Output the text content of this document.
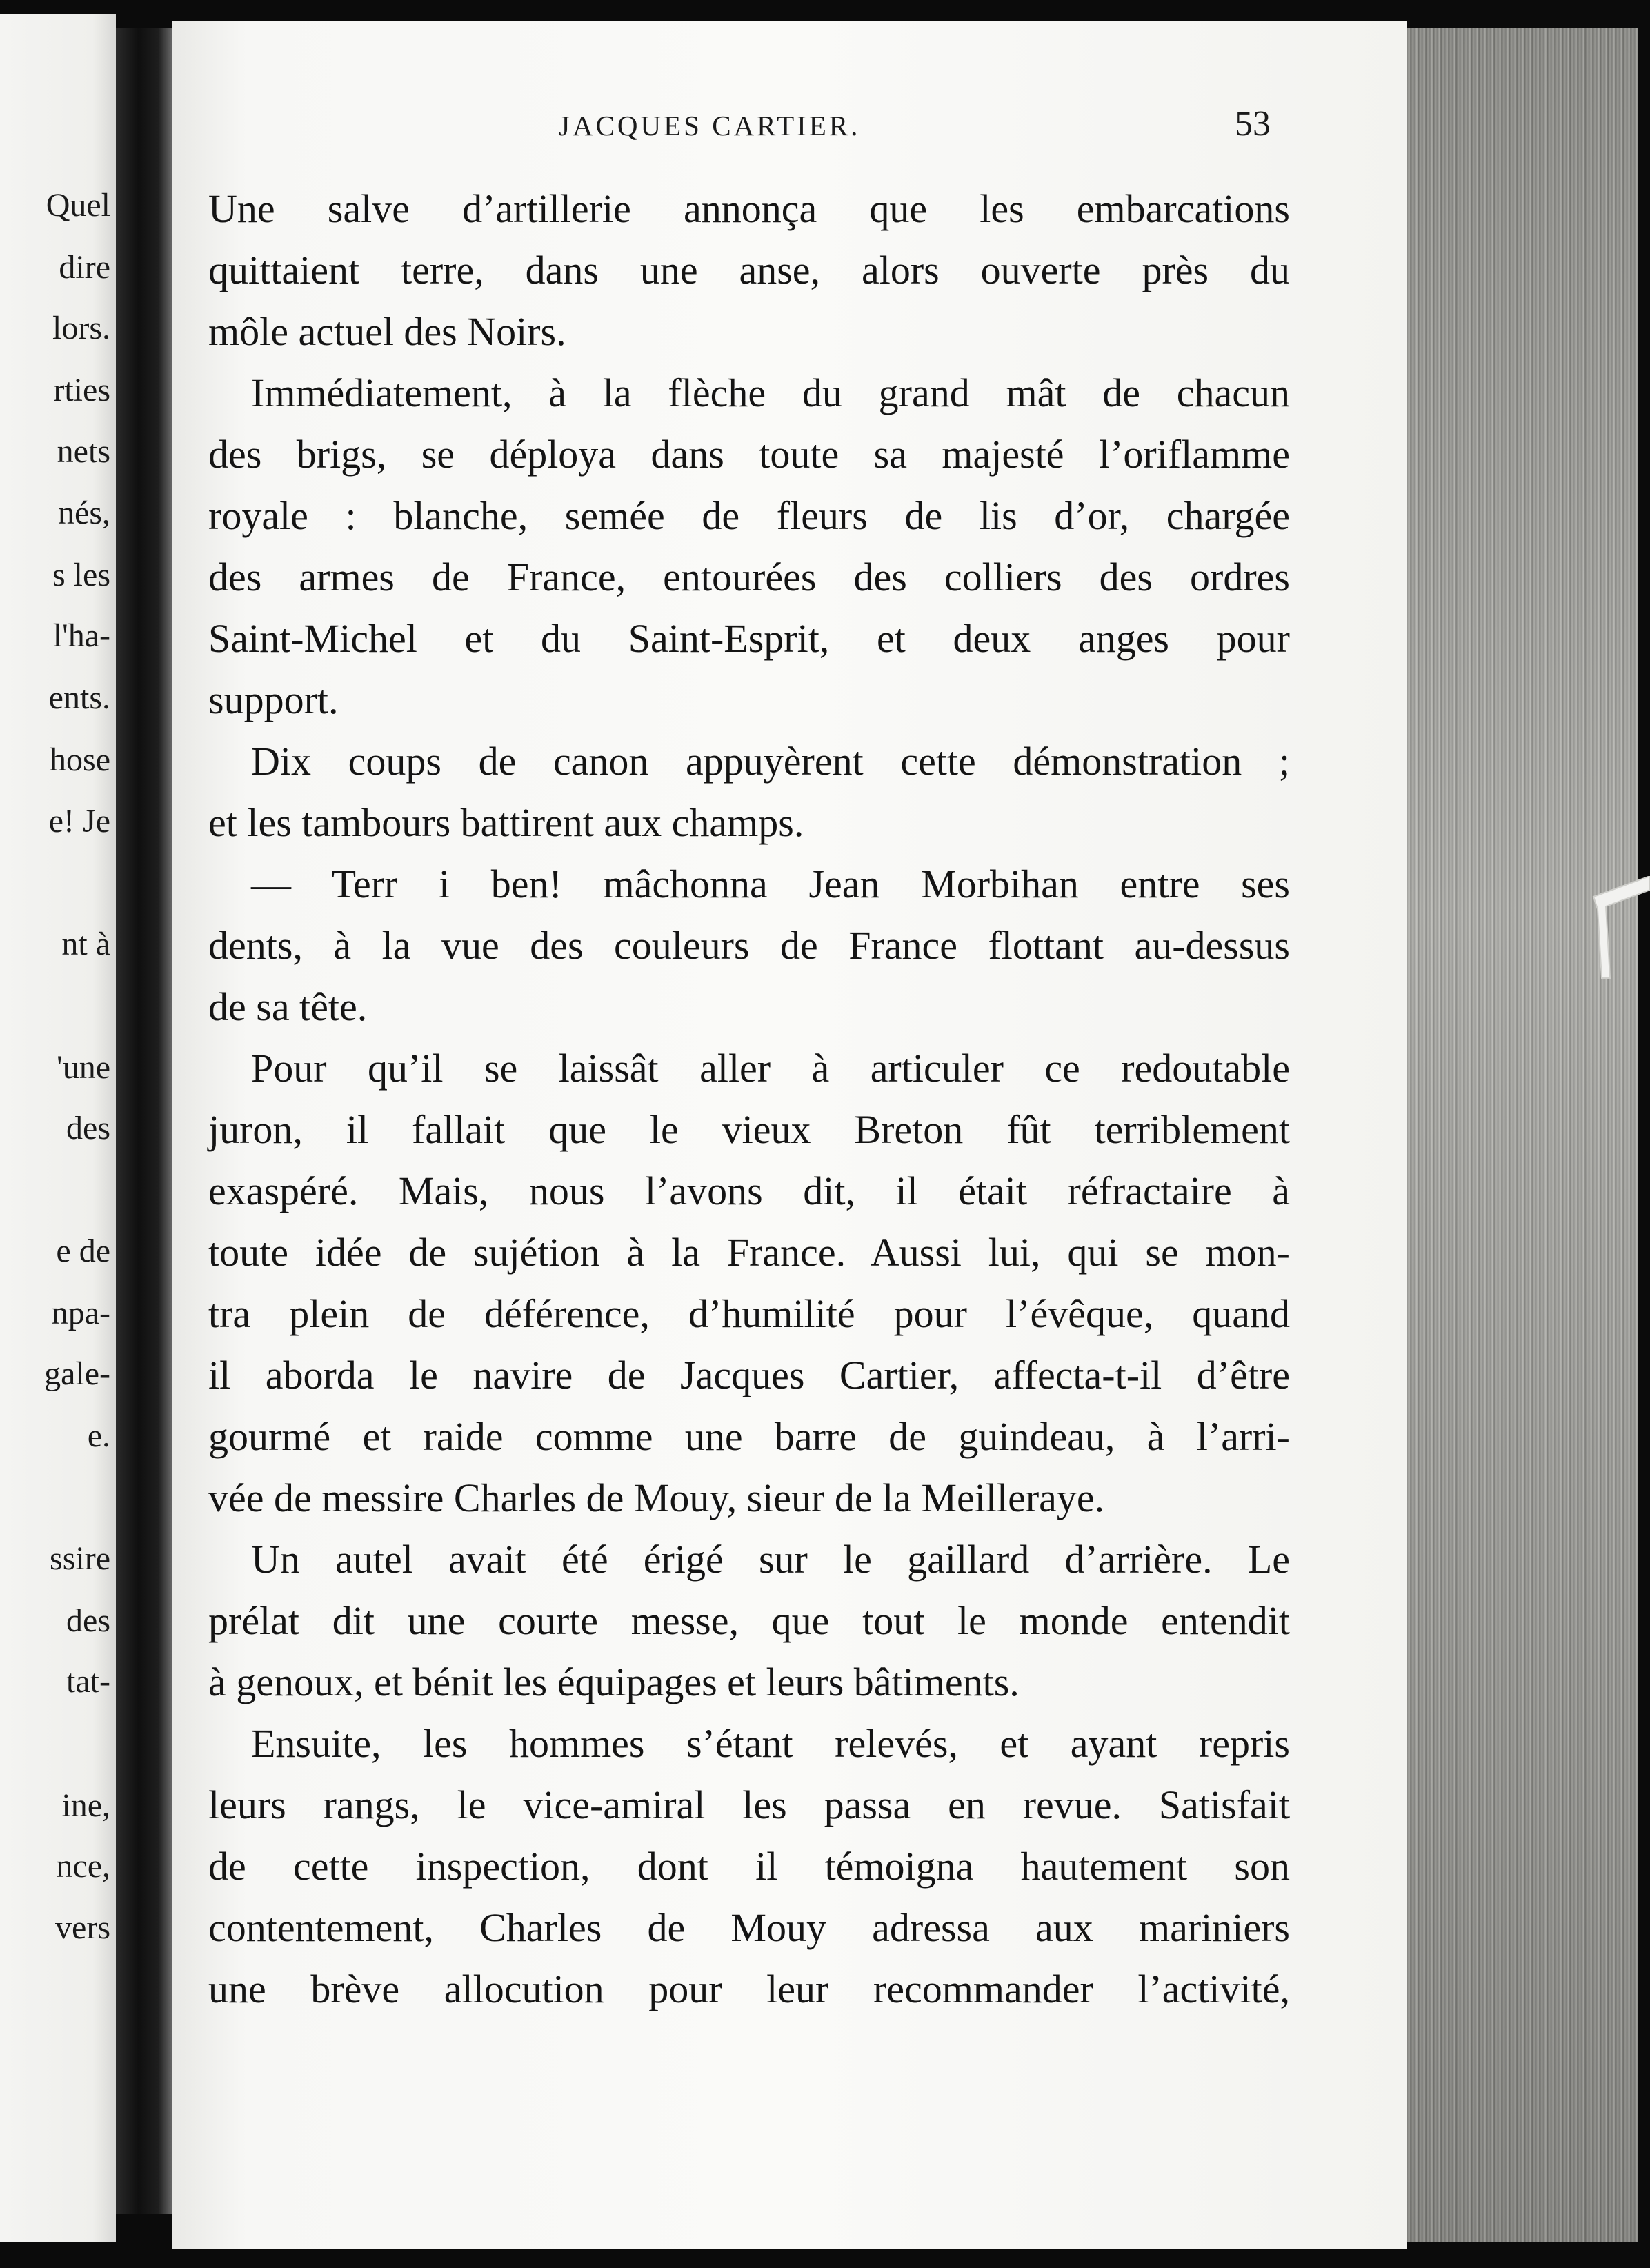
Quel
dire
lors.
rties
nets
nés,
s les
l'ha-
ents.
hose
e! Je
nt à
'une
des
e de
npa-
gale-
e.
ssire
des
tat-
ine,
nce,
vers
JACQUES CARTIER.	53
Une salve d’artillerie annonça que les embarcations
quittaient terre, dans une anse, alors ouverte près du
môle actuel des Noirs.
Immédiatement, à la flèche du grand mât de chacun
des brigs, se déploya dans toute sa majesté l’oriflamme
royale : blanche, semée de fleurs de lis d’or, chargée
des armes de France, entourées des colliers des ordres
Saint-Michel et du Saint-Esprit, et deux anges pour
support.
Dix coups de canon appuyèrent cette démonstration ;
et les tambours battirent aux champs.
— Terr i ben! mâchonna Jean Morbihan entre ses
dents, à la vue des couleurs de France flottant au-dessus
de sa tête.
Pour qu’il se laissât aller à articuler ce redoutable
juron, il fallait que le vieux Breton fût terriblement
exaspéré. Mais, nous l’avons dit, il était réfractaire à
toute idée de sujétion à la France. Aussi lui, qui se mon-
tra plein de déférence, d’humilité pour l’évêque, quand
il aborda le navire de Jacques Cartier, affecta-t-il d’être
gourmé et raide comme une barre de guindeau, à l’arri-
vée de messire Charles de Mouy, sieur de la Meilleraye.
Un autel avait été érigé sur le gaillard d’arrière. Le
prélat dit une courte messe, que tout le monde entendit
à genoux, et bénit les équipages et leurs bâtiments.
Ensuite, les hommes s’étant relevés, et ayant repris
leurs rangs, le vice-amiral les passa en revue. Satisfait
de cette inspection, dont il témoigna hautement son
contentement, Charles de Mouy adressa aux mariniers
une brève allocution pour leur recommander l’activité,
